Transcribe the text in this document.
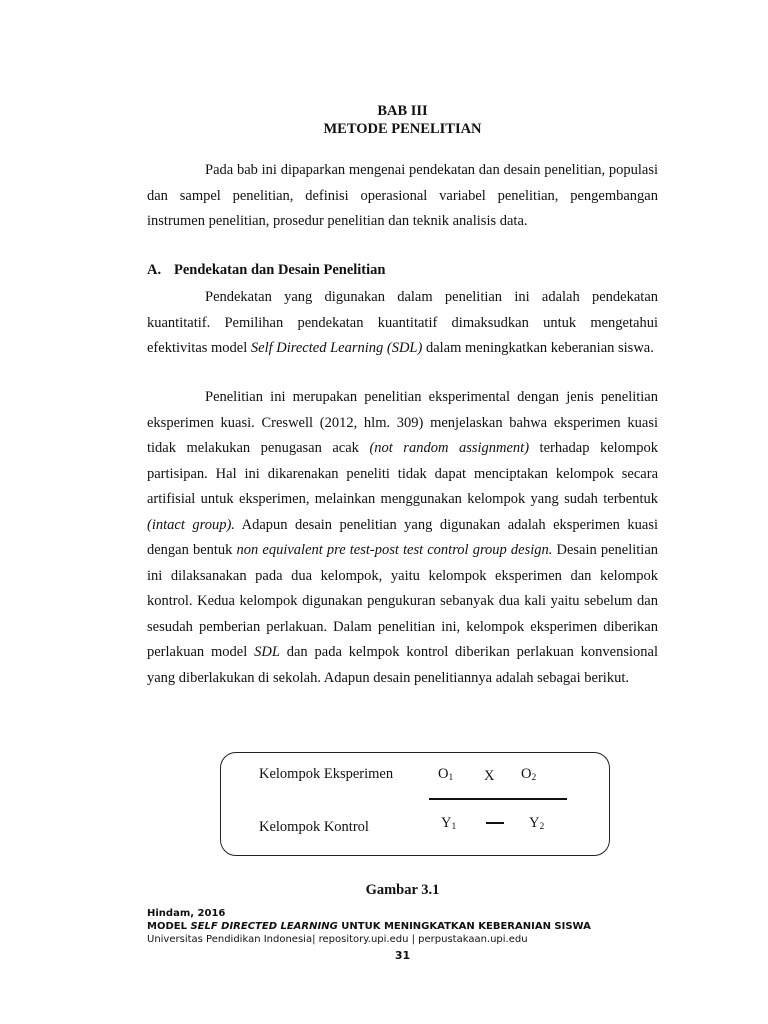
BAB III
METODE PENELITIAN

Pada bab ini dipaparkan mengenai pendekatan dan desain penelitian, populasi dan sampel penelitian, definisi operasional variabel penelitian, pengembangan instrumen penelitian, prosedur penelitian dan teknik analisis data.

A. Pendekatan dan Desain Penelitian

Pendekatan yang digunakan dalam penelitian ini adalah pendekatan kuantitatif. Pemilihan pendekatan kuantitatif dimaksudkan untuk mengetahui efektivitas model Self Directed Learning (SDL) dalam meningkatkan keberanian siswa.

Penelitian ini merupakan penelitian eksperimental dengan jenis penelitian eksperimen kuasi. Creswell (2012, hlm. 309) menjelaskan bahwa eksperimen kuasi tidak melakukan penugasan acak (not random assignment) terhadap kelompok partisipan. Hal ini dikarenakan peneliti tidak dapat menciptakan kelompok secara artifisial untuk eksperimen, melainkan menggunakan kelompok yang sudah terbentuk (intact group). Adapun desain penelitian yang digunakan adalah eksperimen kuasi dengan bentuk non equivalent pre test-post test control group design. Desain penelitian ini dilaksanakan pada dua kelompok, yaitu kelompok eksperimen dan kelompok kontrol. Kedua kelompok digunakan pengukuran sebanyak dua kali yaitu sebelum dan sesudah pemberian perlakuan. Dalam penelitian ini, kelompok eksperimen diberikan perlakuan model SDL dan pada kelmpok kontrol diberikan perlakuan konvensional yang diberlakukan di sekolah. Adapun desain penelitiannya adalah sebagai berikut.

Kelompok Eksperimen	$O_1$ X $O_2$
Kelompok Kontrol	$Y_1$	$Y_2$
Gambar 3.1
Hindam, 2016
MODEL SELF DIRECTED LEARNING UNTUK MENINGKATKAN KEBERANIAN SISWA
Universitas Pendidikan Indonesia| repository.upi.edu | perpustakaan.upi.edu
31
